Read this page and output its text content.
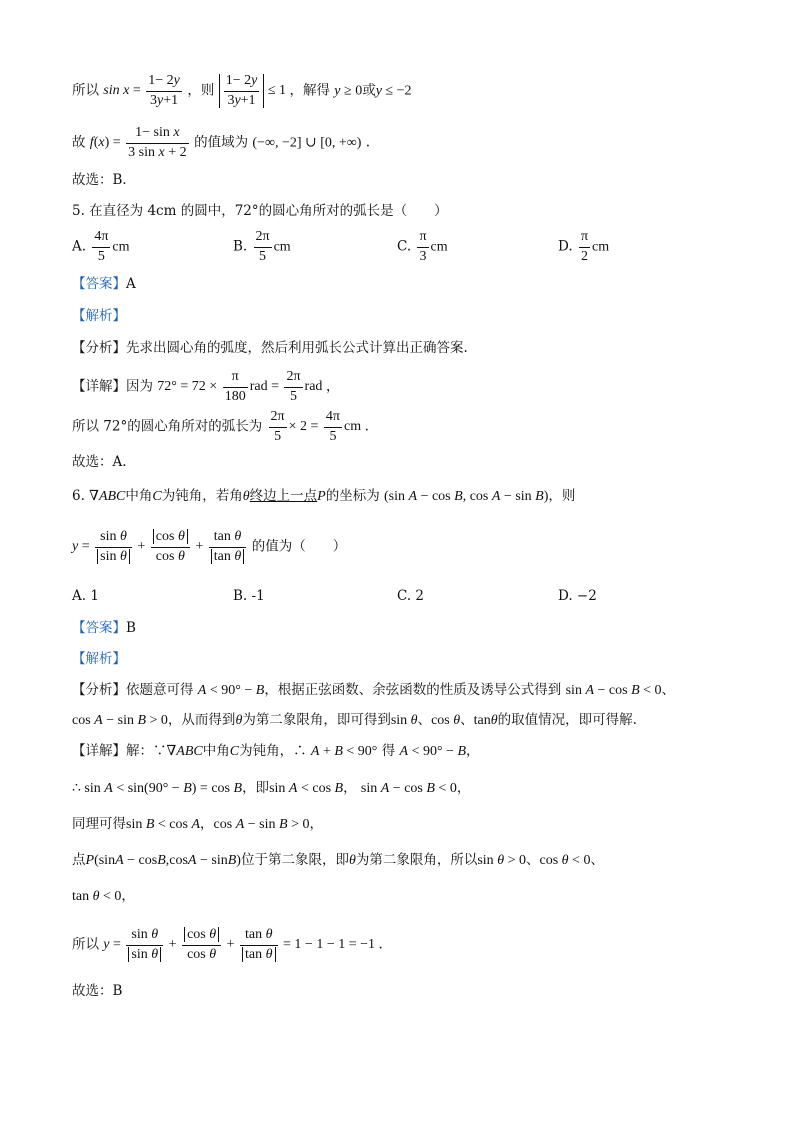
所以 $\sin x = \frac{1- 2y}{3y+1}$ ，则 $\frac{1- 2y}{3y+1} \le 1$ ，解得 y ≥ 0或y ≤ −2
故 $f(x) = \frac{\text{1− sin x}}{\text{3 sin x + 2}}$ 的值域为 (−∞, −2] ∪ [0, +∞) .
故选：B．
5. 在直径为 4cm 的圆中，72°的圆心角所对的弧长是（　　）
A. $\frac{4\pi}{5}$ cm	B. $\frac{2\pi}{5}$ cm	C. $\frac{\pi}{3}$ cm	D. $\frac{\pi}{2}$ cm
【答案】A
【解析】
【分析】先求出圆心角的弧度，然后利用弧长公式计算出正确答案.
【详解】因为 $72^\circ = 72 \times \frac{\pi}{180}$ rad = $\frac{2\pi}{5}$ rad ，
所以 72°的圆心角所对的弧长为 $\frac{2\pi}{5} \times 2 = \frac{4\pi}{5}$ cm .
故选：A.
6. ∇ABC中角C为钝角，若角θ终边上一点P的坐标为 (sin A − cos B, cos A − sin B)，则
$y = \frac{\text{sin θ}}{\text{sin θ}} + \frac{\text{cos θ}}{\text{cos θ}} + \frac{\text{tan θ}}{\text{tan θ}}$ 的值为（　　）
A. 1	B. -1	C. 2	D. −2
【答案】B
【解析】
【分析】依题意可得 A < 90° − B，根据正弦函数、余弦函数的性质及诱导公式得到 sin A − cos B < 0、
cos A − sin B > 0，从而得到θ为第二象限角，即可得到sin θ、cos θ、tanθ的取值情况，即可得解.
【详解】解：∵∇ABC中角C为钝角，∴ A + B < 90° 得 A < 90° − B，
∴ sin A < sin(90° − B) = cos B，即sin A < cos B， sin A − cos B < 0，
同理可得sin B < cos A，cos A − sin B > 0，
点P(sinA − cosB,cosA − sinB)位于第二象限，即θ为第二象限角，所以sin θ > 0、cos θ < 0、
tan θ < 0，
所以 $y = \frac{\text{sin θ}}{\text{sin θ}} + \frac{\text{cos θ}}{\text{cos θ}} + \frac{\text{tan θ}}{\text{tan θ}} = 1 - 1 - 1 = -1$ .
故选：B
